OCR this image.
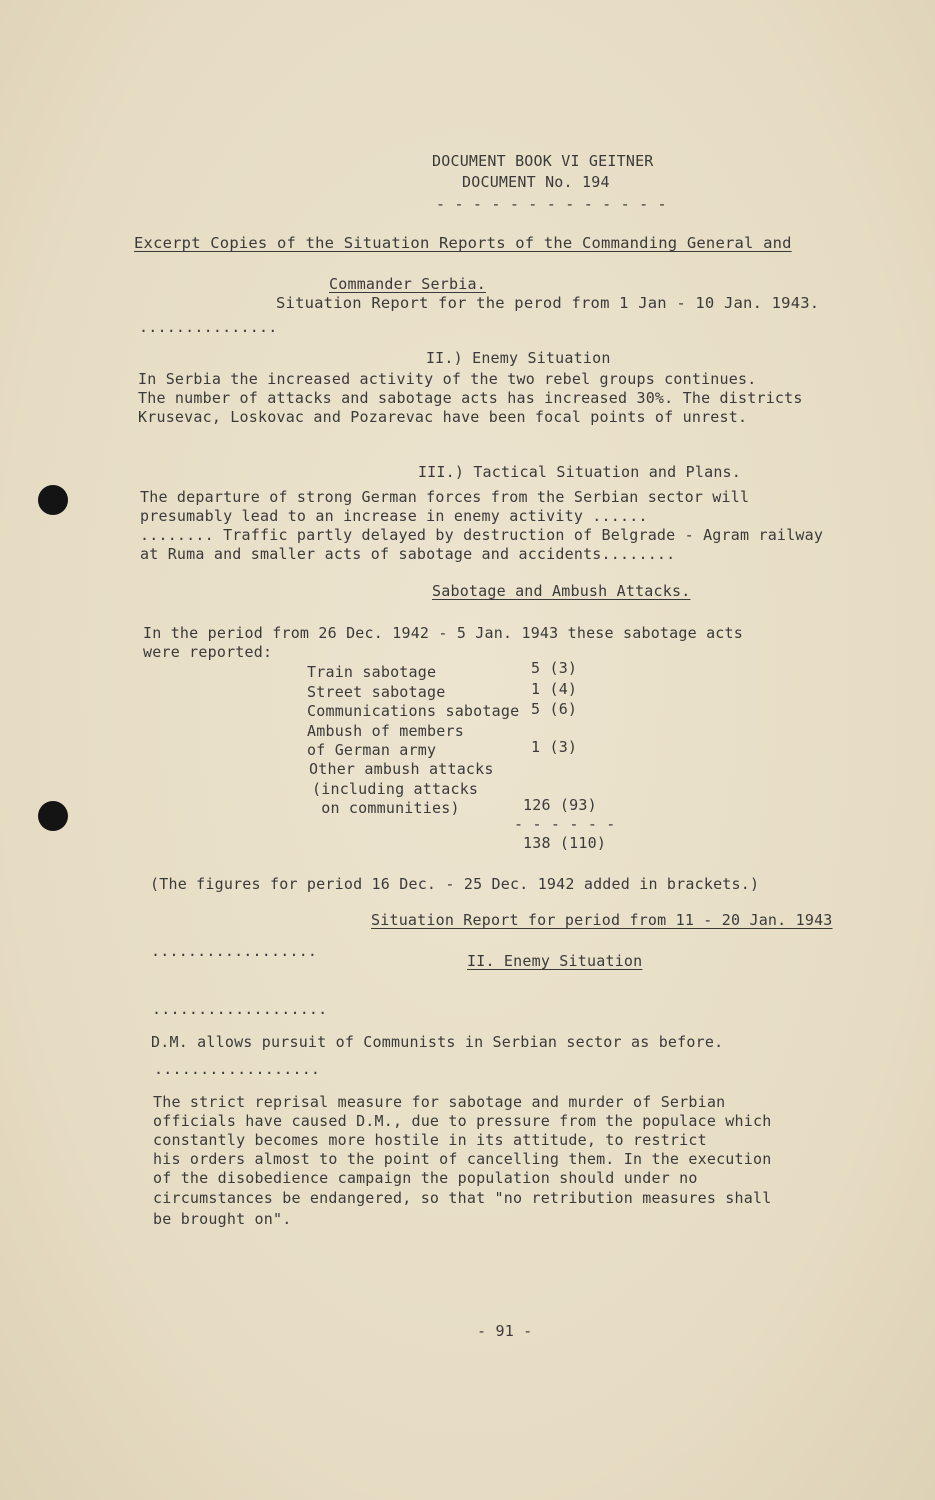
DOCUMENT BOOK VI GEITNER
DOCUMENT No. 194
- - - - - - - - - - - - -
Excerpt Copies of the Situation Reports of the Commanding General and
Commander Serbia.
Situation Report for the perod from 1 Jan - 10 Jan. 1943.
...............

II.) Enemy Situation

In Serbia the increased activity of the two rebel groups continues.
The number of attacks and sabotage acts has increased 30%. The districts
Krusevac, Loskovac and Pozarevac have been focal points of unrest.

III.) Tactical Situation and Plans.

The departure of strong German forces from the Serbian sector will
presumably lead to an increase in enemy activity ......
........ Traffic partly delayed by destruction of Belgrade - Agram railway
at Ruma and smaller acts of sabotage and accidents........
Sabotage and Ambush Attacks.
In the period from 26 Dec. 1942 - 5 Jan. 1943 these sabotage acts
were reported:
Train sabotage	5 (3)
Street sabotage	1 (4)
Communications sabotage 5 (6)
Ambush of members
of German army	1 (3)
Other ambush attacks
(including attacks
on communities)	126 (93)
- - - - - -
138 (110)
(The figures for period 16 Dec. - 25 Dec. 1942 added in brackets.)
Situation Report for period from 11 - 20 Jan. 1943
..................
II. Enemy Situation
...................
D.M. allows pursuit of Communists in Serbian sector as before.
..................
The strict reprisal measure for sabotage and murder of Serbian
officials have caused D.M., due to pressure from the populace which
constantly becomes more hostile in its attitude, to restrict
his orders almost to the point of cancelling them. In the execution
of the disobedience campaign the population should under no
circumstances be endangered, so that "no retribution measures shall
be brought on".
- 91 -
